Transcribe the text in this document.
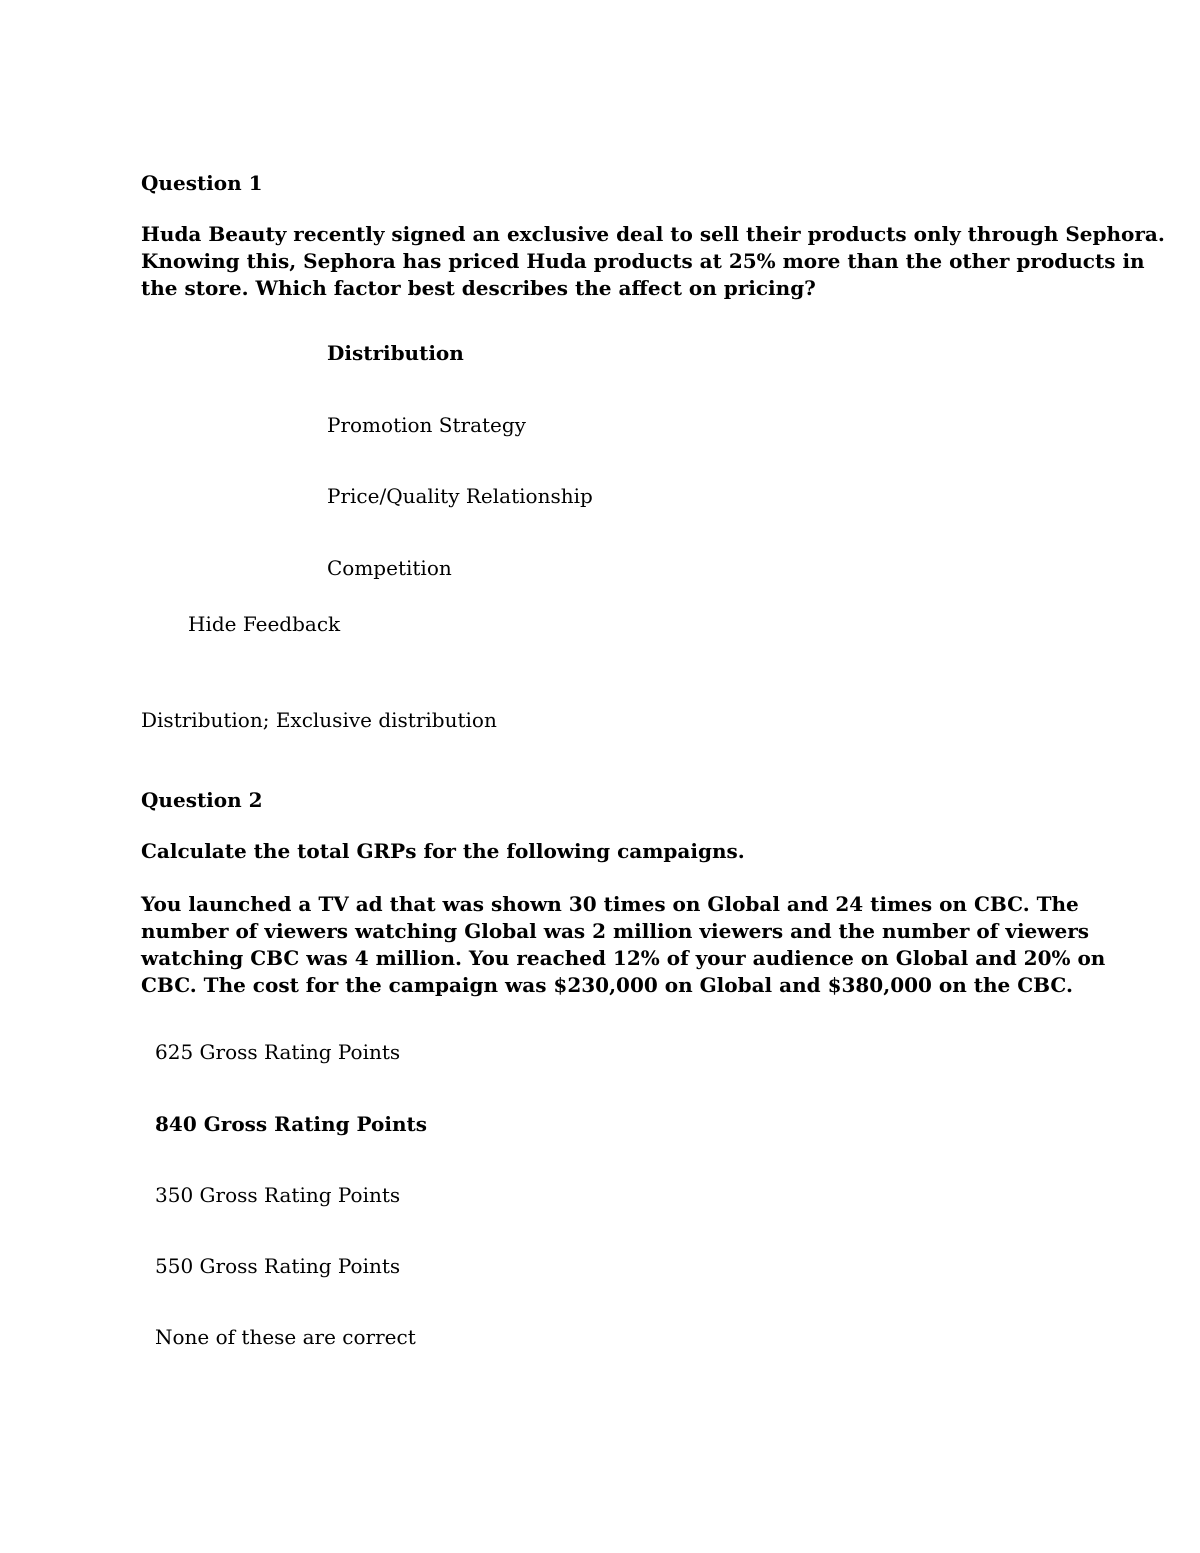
Question 1

Huda Beauty recently signed an exclusive deal to sell their products only through Sephora.
Knowing this, Sephora has priced Huda products at 25% more than the other products in
the store. Which factor best describes the affect on pricing?

Distribution

Promotion Strategy

Price/Quality Relationship

Competition

Hide Feedback

Distribution; Exclusive distribution

Question 2

Calculate the total GRPs for the following campaigns.

You launched a TV ad that was shown 30 times on Global and 24 times on CBC. The
number of viewers watching Global was 2 million viewers and the number of viewers
watching CBC was 4 million. You reached 12% of your audience on Global and 20% on
CBC. The cost for the campaign was $230,000 on Global and $380,000 on the CBC.

625 Gross Rating Points

840 Gross Rating Points

350 Gross Rating Points

550 Gross Rating Points

None of these are correct
